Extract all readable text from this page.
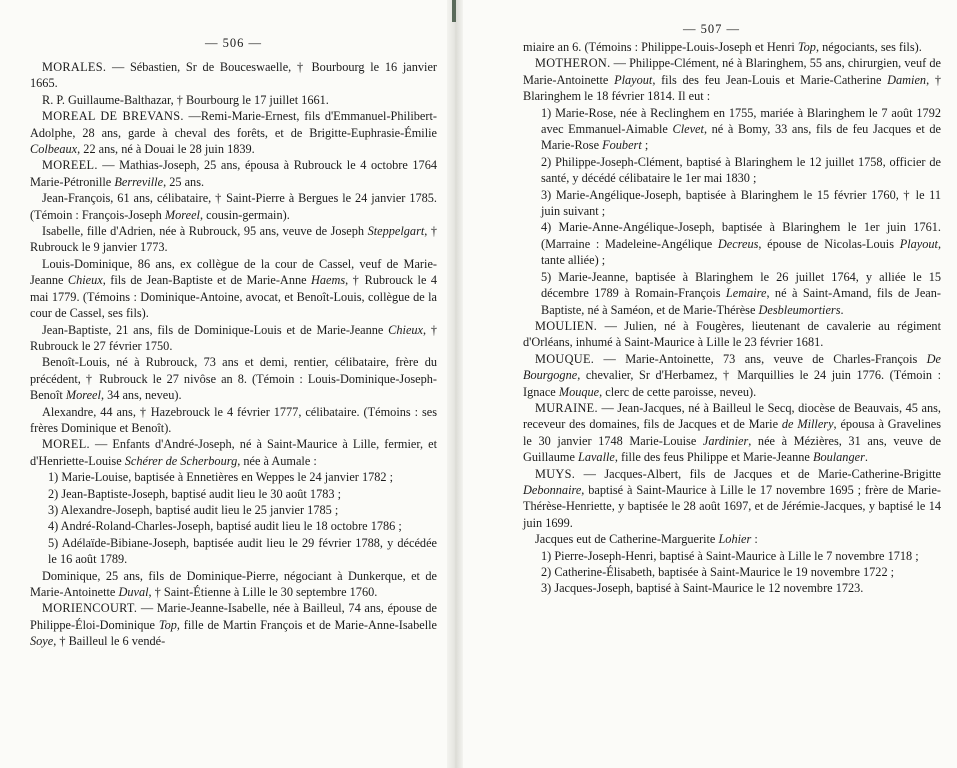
— 506 —

MORALES. — Sébastien, Sr de Bouceswaelle, † Bourbourg le 16 janvier 1665.

R. P. Guillaume-Balthazar, † Bourbourg le 17 juillet 1661.

MOREAL DE BREVANS. —Remi-Marie-Ernest, fils d'Emmanuel-Philibert-Adolphe, 28 ans, garde à cheval des forêts, et de Brigitte-Euphrasie-Émilie Colbeaux, 22 ans, né à Douai le 28 juin 1839.

MOREEL. — Mathias-Joseph, 25 ans, épousa à Rubrouck le 4 octobre 1764 Marie-Pétronille Berreville, 25 ans.

Jean-François, 61 ans, célibataire, † Saint-Pierre à Bergues le 24 janvier 1785. (Témoin : François-Joseph Moreel, cousin-germain).

Isabelle, fille d'Adrien, née à Rubrouck, 95 ans, veuve de Joseph Steppelgart, † Rubrouck le 9 janvier 1773.

Louis-Dominique, 86 ans, ex collègue de la cour de Cassel, veuf de Marie-Jeanne Chieux, fils de Jean-Baptiste et de Marie-Anne Haems, † Rubrouck le 4 mai 1779. (Témoins : Dominique-Antoine, avocat, et Benoît-Louis, collègue de la cour de Cassel, ses fils).

Jean-Baptiste, 21 ans, fils de Dominique-Louis et de Marie-Jeanne Chieux, † Rubrouck le 27 février 1750.

Benoît-Louis, né à Rubrouck, 73 ans et demi, rentier, célibataire, frère du précédent, † Rubrouck le 27 nivôse an 8. (Témoin : Louis-Dominique-Joseph-Benoît Moreel, 34 ans, neveu).

Alexandre, 44 ans, † Hazebrouck le 4 février 1777, célibataire. (Témoins : ses frères Dominique et Benoît).

MOREL. — Enfants d'André-Joseph, né à Saint-Maurice à Lille, fermier, et d'Henriette-Louise Schérer de Scherbourg, née à Aumale :

1) Marie-Louise, baptisée à Ennetières en Weppes le 24 janvier 1782 ;

2) Jean-Baptiste-Joseph, baptisé audit lieu le 30 août 1783 ;

3) Alexandre-Joseph, baptisé audit lieu le 25 janvier 1785 ;

4) André-Roland-Charles-Joseph, baptisé audit lieu le 18 octobre 1786 ;

5) Adélaïde-Bibiane-Joseph, baptisée audit lieu le 29 février 1788, y décédée le 16 août 1789.

Dominique, 25 ans, fils de Dominique-Pierre, négociant à Dunkerque, et de Marie-Antoinette Duval, † Saint-Étienne à Lille le 30 septembre 1760.

MORIENCOURT. — Marie-Jeanne-Isabelle, née à Bailleul, 74 ans, épouse de Philippe-Éloi-Dominique Top, fille de Martin François et de Marie-Anne-Isabelle Soye, † Bailleul le 6 vendé-

— 507 —

miaire an 6. (Témoins : Philippe-Louis-Joseph et Henri Top, négociants, ses fils).

MOTHERON. — Philippe-Clément, né à Blaringhem, 55 ans, chirurgien, veuf de Marie-Antoinette Playout, fils des feu Jean-Louis et Marie-Catherine Damien, † Blaringhem le 18 février 1814. Il eut :

1) Marie-Rose, née à Reclinghem en 1755, mariée à Blaringhem le 7 août 1792 avec Emmanuel-Aimable Clevet, né à Bomy, 33 ans, fils de feu Jacques et de Marie-Rose Foubert ;

2) Philippe-Joseph-Clément, baptisé à Blaringhem le 12 juillet 1758, officier de santé, y décédé célibataire le 1er mai 1830 ;

3) Marie-Angélique-Joseph, baptisée à Blaringhem le 15 février 1760, † le 11 juin suivant ;

4) Marie-Anne-Angélique-Joseph, baptisée à Blaringhem le 1er juin 1761. (Marraine : Madeleine-Angélique Decreus, épouse de Nicolas-Louis Playout, tante alliée) ;

5) Marie-Jeanne, baptisée à Blaringhem le 26 juillet 1764, y alliée le 15 décembre 1789 à Romain-François Lemaire, né à Saint-Amand, fils de Jean-Baptiste, né à Saméon, et de Marie-Thérèse Desbleumortiers.

MOULIEN. — Julien, né à Fougères, lieutenant de cavalerie au régiment d'Orléans, inhumé à Saint-Maurice à Lille le 23 février 1681.

MOUQUE. — Marie-Antoinette, 73 ans, veuve de Charles-François De Bourgogne, chevalier, Sr d'Herbamez, † Marquillies le 24 juin 1776. (Témoin : Ignace Mouque, clerc de cette paroisse, neveu).

MURAINE. — Jean-Jacques, né à Bailleul le Secq, diocèse de Beauvais, 45 ans, receveur des domaines, fils de Jacques et de Marie de Millery, épousa à Gravelines le 30 janvier 1748 Marie-Louise Jardinier, née à Mézières, 31 ans, veuve de Guillaume Lavalle, fille des feus Philippe et Marie-Jeanne Boulanger.

MUYS. — Jacques-Albert, fils de Jacques et de Marie-Catherine-Brigitte Debonnaire, baptisé à Saint-Maurice à Lille le 17 novembre 1695 ; frère de Marie-Thérèse-Henriette, y baptisée le 28 août 1697, et de Jérémie-Jacques, y baptisé le 14 juin 1699.

Jacques eut de Catherine-Marguerite Lohier :

1) Pierre-Joseph-Henri, baptisé à Saint-Maurice à Lille le 7 novembre 1718 ;

2) Catherine-Élisabeth, baptisée à Saint-Maurice le 19 novembre 1722 ;

3) Jacques-Joseph, baptisé à Saint-Maurice le 12 novembre 1723.
